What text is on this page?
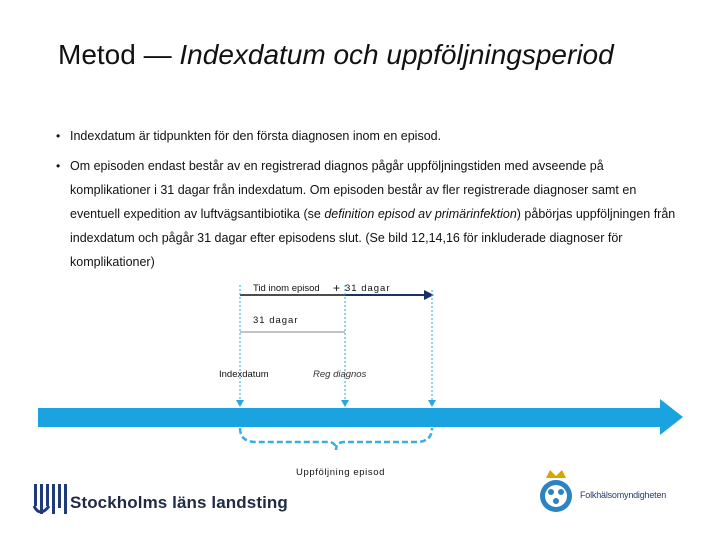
Metod — Indexdatum och uppföljningsperiod
• Indexdatum är tidpunkten för den första diagnosen inom en episod.
• Om episoden endast består av en registrerad diagnos pågår uppföljningstiden med avseende på komplikationer i 31 dagar från indexdatum. Om episoden består av fler registrerade diagnoser samt en eventuell expedition av luftvägsantibiotika (se definition episod av primärinfektion) påbörjas uppföljningen från indexdatum och pågår 31 dagar efter episodens slut. (Se bild 12,14,16 för inkluderade diagnoser för komplikationer)
Tid inom episod + 31 dagar
31 dagar
Indexdatum	Reg diagnos
Uppföljning episod
Stockholms läns landsting	Folkhälsomyndigheten
